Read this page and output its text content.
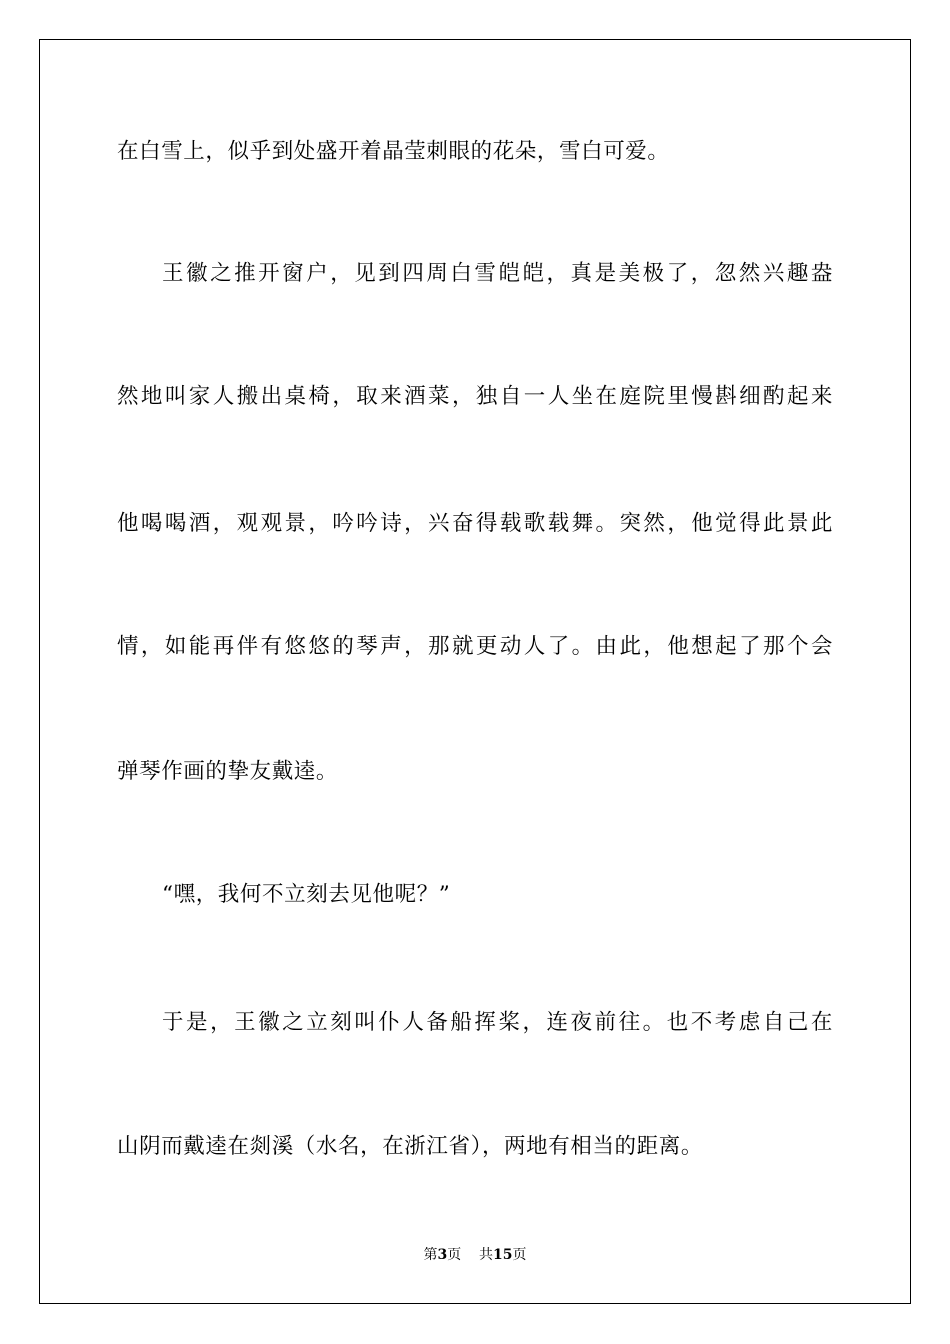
在白雪上，似乎到处盛开着晶莹刺眼的花朵，雪白可爱。
王徽之推开窗户，见到四周白雪皑皑，真是美极了，忽然兴趣盎
然地叫家人搬出桌椅，取来酒菜，独自一人坐在庭院里慢斟细酌起来
他喝喝酒，观观景，吟吟诗，兴奋得载歌载舞。突然，他觉得此景此
情，如能再伴有悠悠的琴声，那就更动人了。由此，他想起了那个会
弹琴作画的挚友戴逵。
“嘿，我何不立刻去见他呢？”
于是，王徽之立刻叫仆人备船挥桨，连夜前往。也不考虑自己在
山阴而戴逵在剡溪（水名，在浙江省），两地有相当的距离。
第3页 共15页
